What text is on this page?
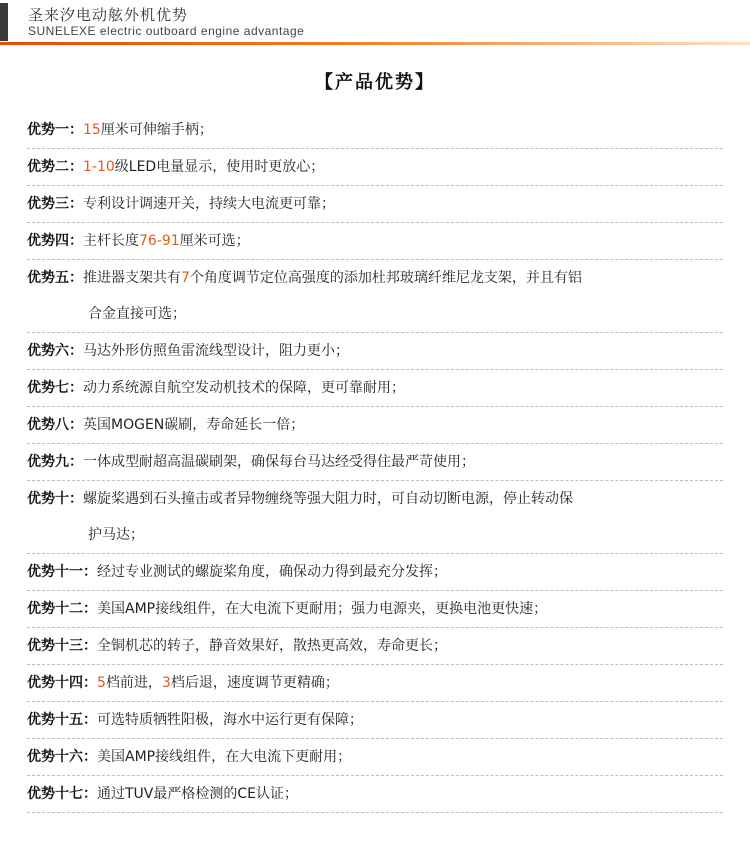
圣来汐电动舷外机优势
SUNELEXE electric outboard engine advantage
【产品优势】
优势一： 15厘米可伸缩手柄；
优势二： 1-10级LED电量显示，使用时更放心；
优势三： 专利设计调速开关，持续大电流更可靠；
优势四： 主杆长度76-91厘米可选；
优势五： 推进器支架共有7个角度调节定位高强度的添加杜邦玻璃纤维尼龙支架，并且有铝
合金直接可选；
优势六： 马达外形仿照鱼雷流线型设计，阻力更小；
优势七： 动力系统源自航空发动机技术的保障，更可靠耐用；
优势八： 英国MOGEN碳刷，寿命延长一倍；
优势九： 一体成型耐超高温碳刷架，确保每台马达经受得住最严苛使用；
优势十： 螺旋桨遇到石头撞击或者异物缠绕等强大阻力时，可自动切断电源，停止转动保
护马达；
优势十一： 经过专业测试的螺旋桨角度，确保动力得到最充分发挥；
优势十二： 美国AMP接线组件，在大电流下更耐用；强力电源夹，更换电池更快速；
优势十三： 全铜机芯的转子，静音效果好，散热更高效，寿命更长；
优势十四： 5档前进，3档后退，速度调节更精确；
优势十五： 可选特质牺牲阳极，海水中运行更有保障；
优势十六： 美国AMP接线组件，在大电流下更耐用；
优势十七： 通过TUV最严格检测的CE认证；
